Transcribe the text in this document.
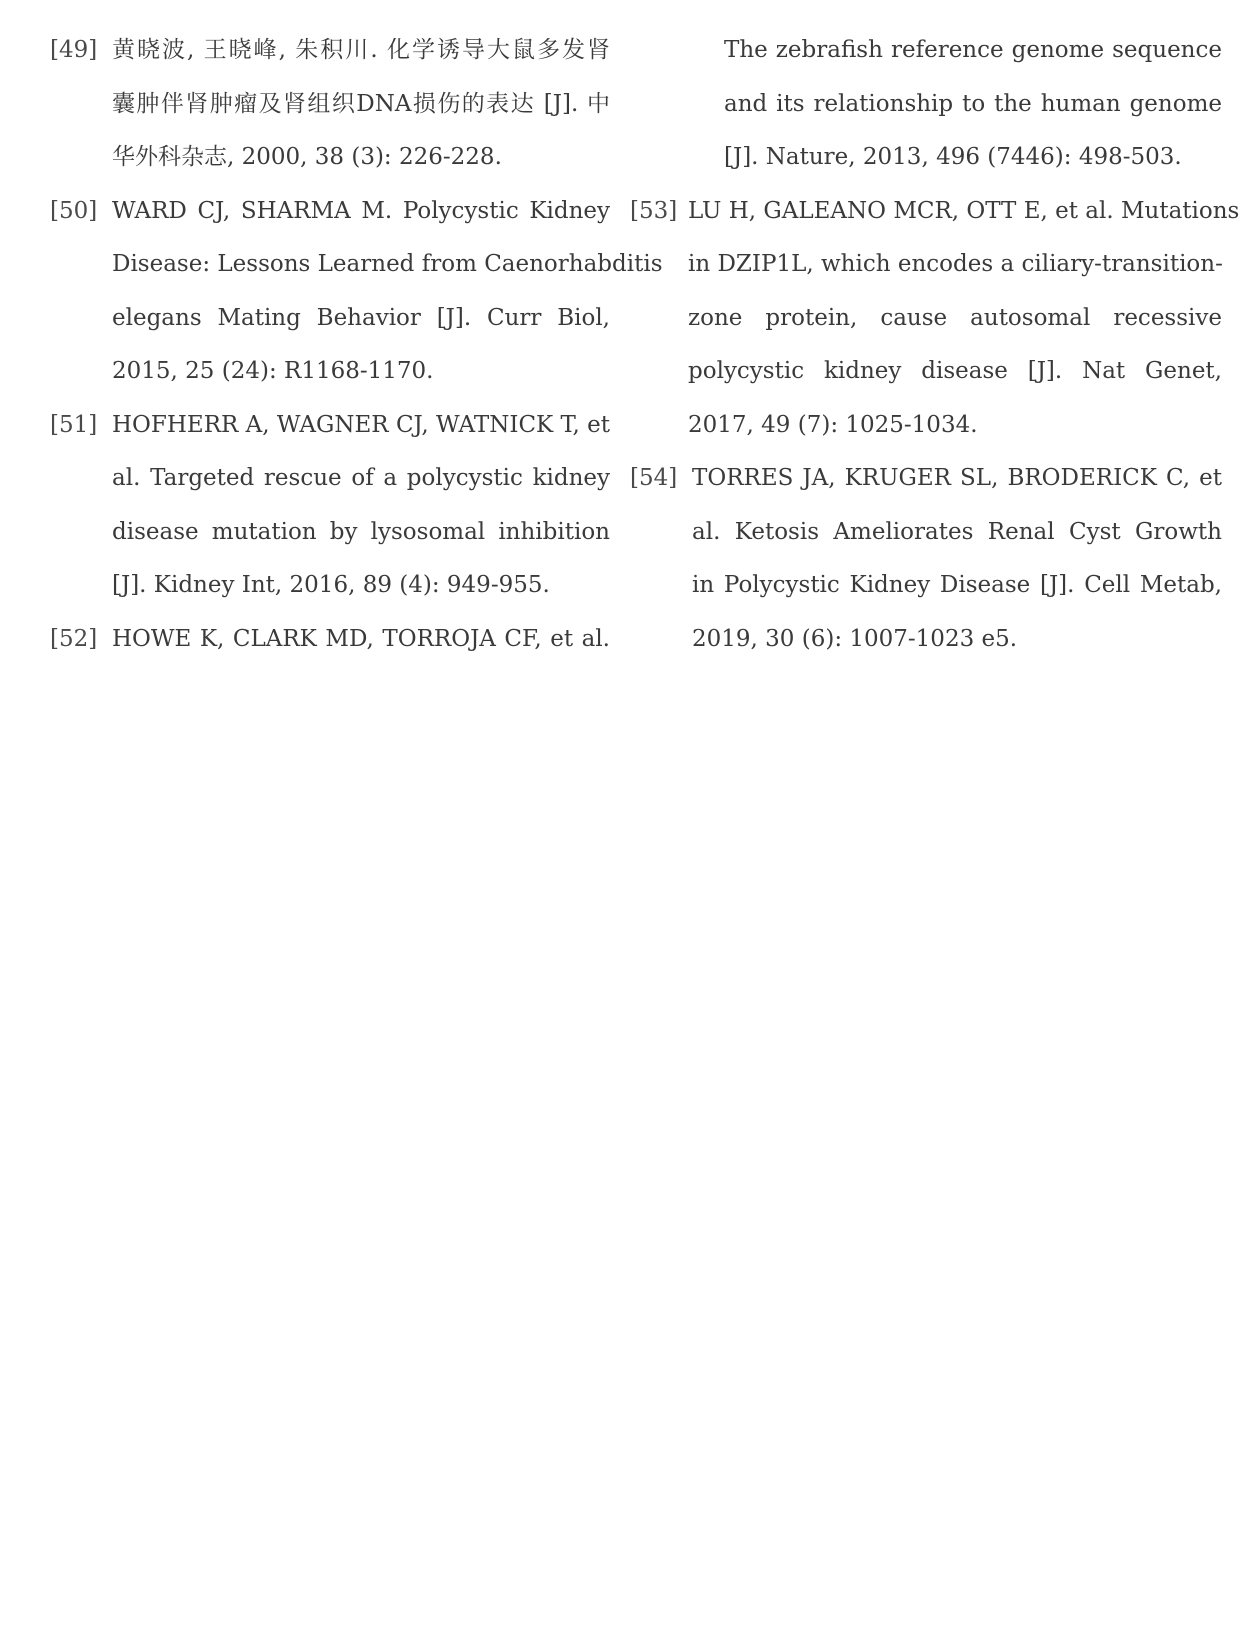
[49] 黄晓波, 王晓峰, 朱积川. 化学诱导大鼠多发肾
囊肿伴肾肿瘤及肾组织DNA损伤的表达 [J]. 中
华外科杂志, 2000, 38 (3): 226-228.
[50] WARD CJ, SHARMA M. Polycystic Kidney
Disease: Lessons Learned from Caenorhabditis
elegans Mating Behavior [J]. Curr Biol,
2015, 25 (24): R1168-1170.
[51] HOFHERR A, WAGNER CJ, WATNICK T, et
al. Targeted rescue of a polycystic kidney
disease mutation by lysosomal inhibition
[J]. Kidney Int, 2016, 89 (4): 949-955.
[52] HOWE K, CLARK MD, TORROJA CF, et al.
The zebrafish reference genome sequence
and its relationship to the human genome
[J]. Nature, 2013, 496 (7446): 498-503.
[53] LU H, GALEANO MCR, OTT E, et al. Mutations
in DZIP1L, which encodes a ciliary-transition-
zone protein, cause autosomal recessive
polycystic kidney disease [J]. Nat Genet,
2017, 49 (7): 1025-1034.
[54] TORRES JA, KRUGER SL, BRODERICK C, et
al. Ketosis Ameliorates Renal Cyst Growth
in Polycystic Kidney Disease [J]. Cell Metab,
2019, 30 (6): 1007-1023 e5.
